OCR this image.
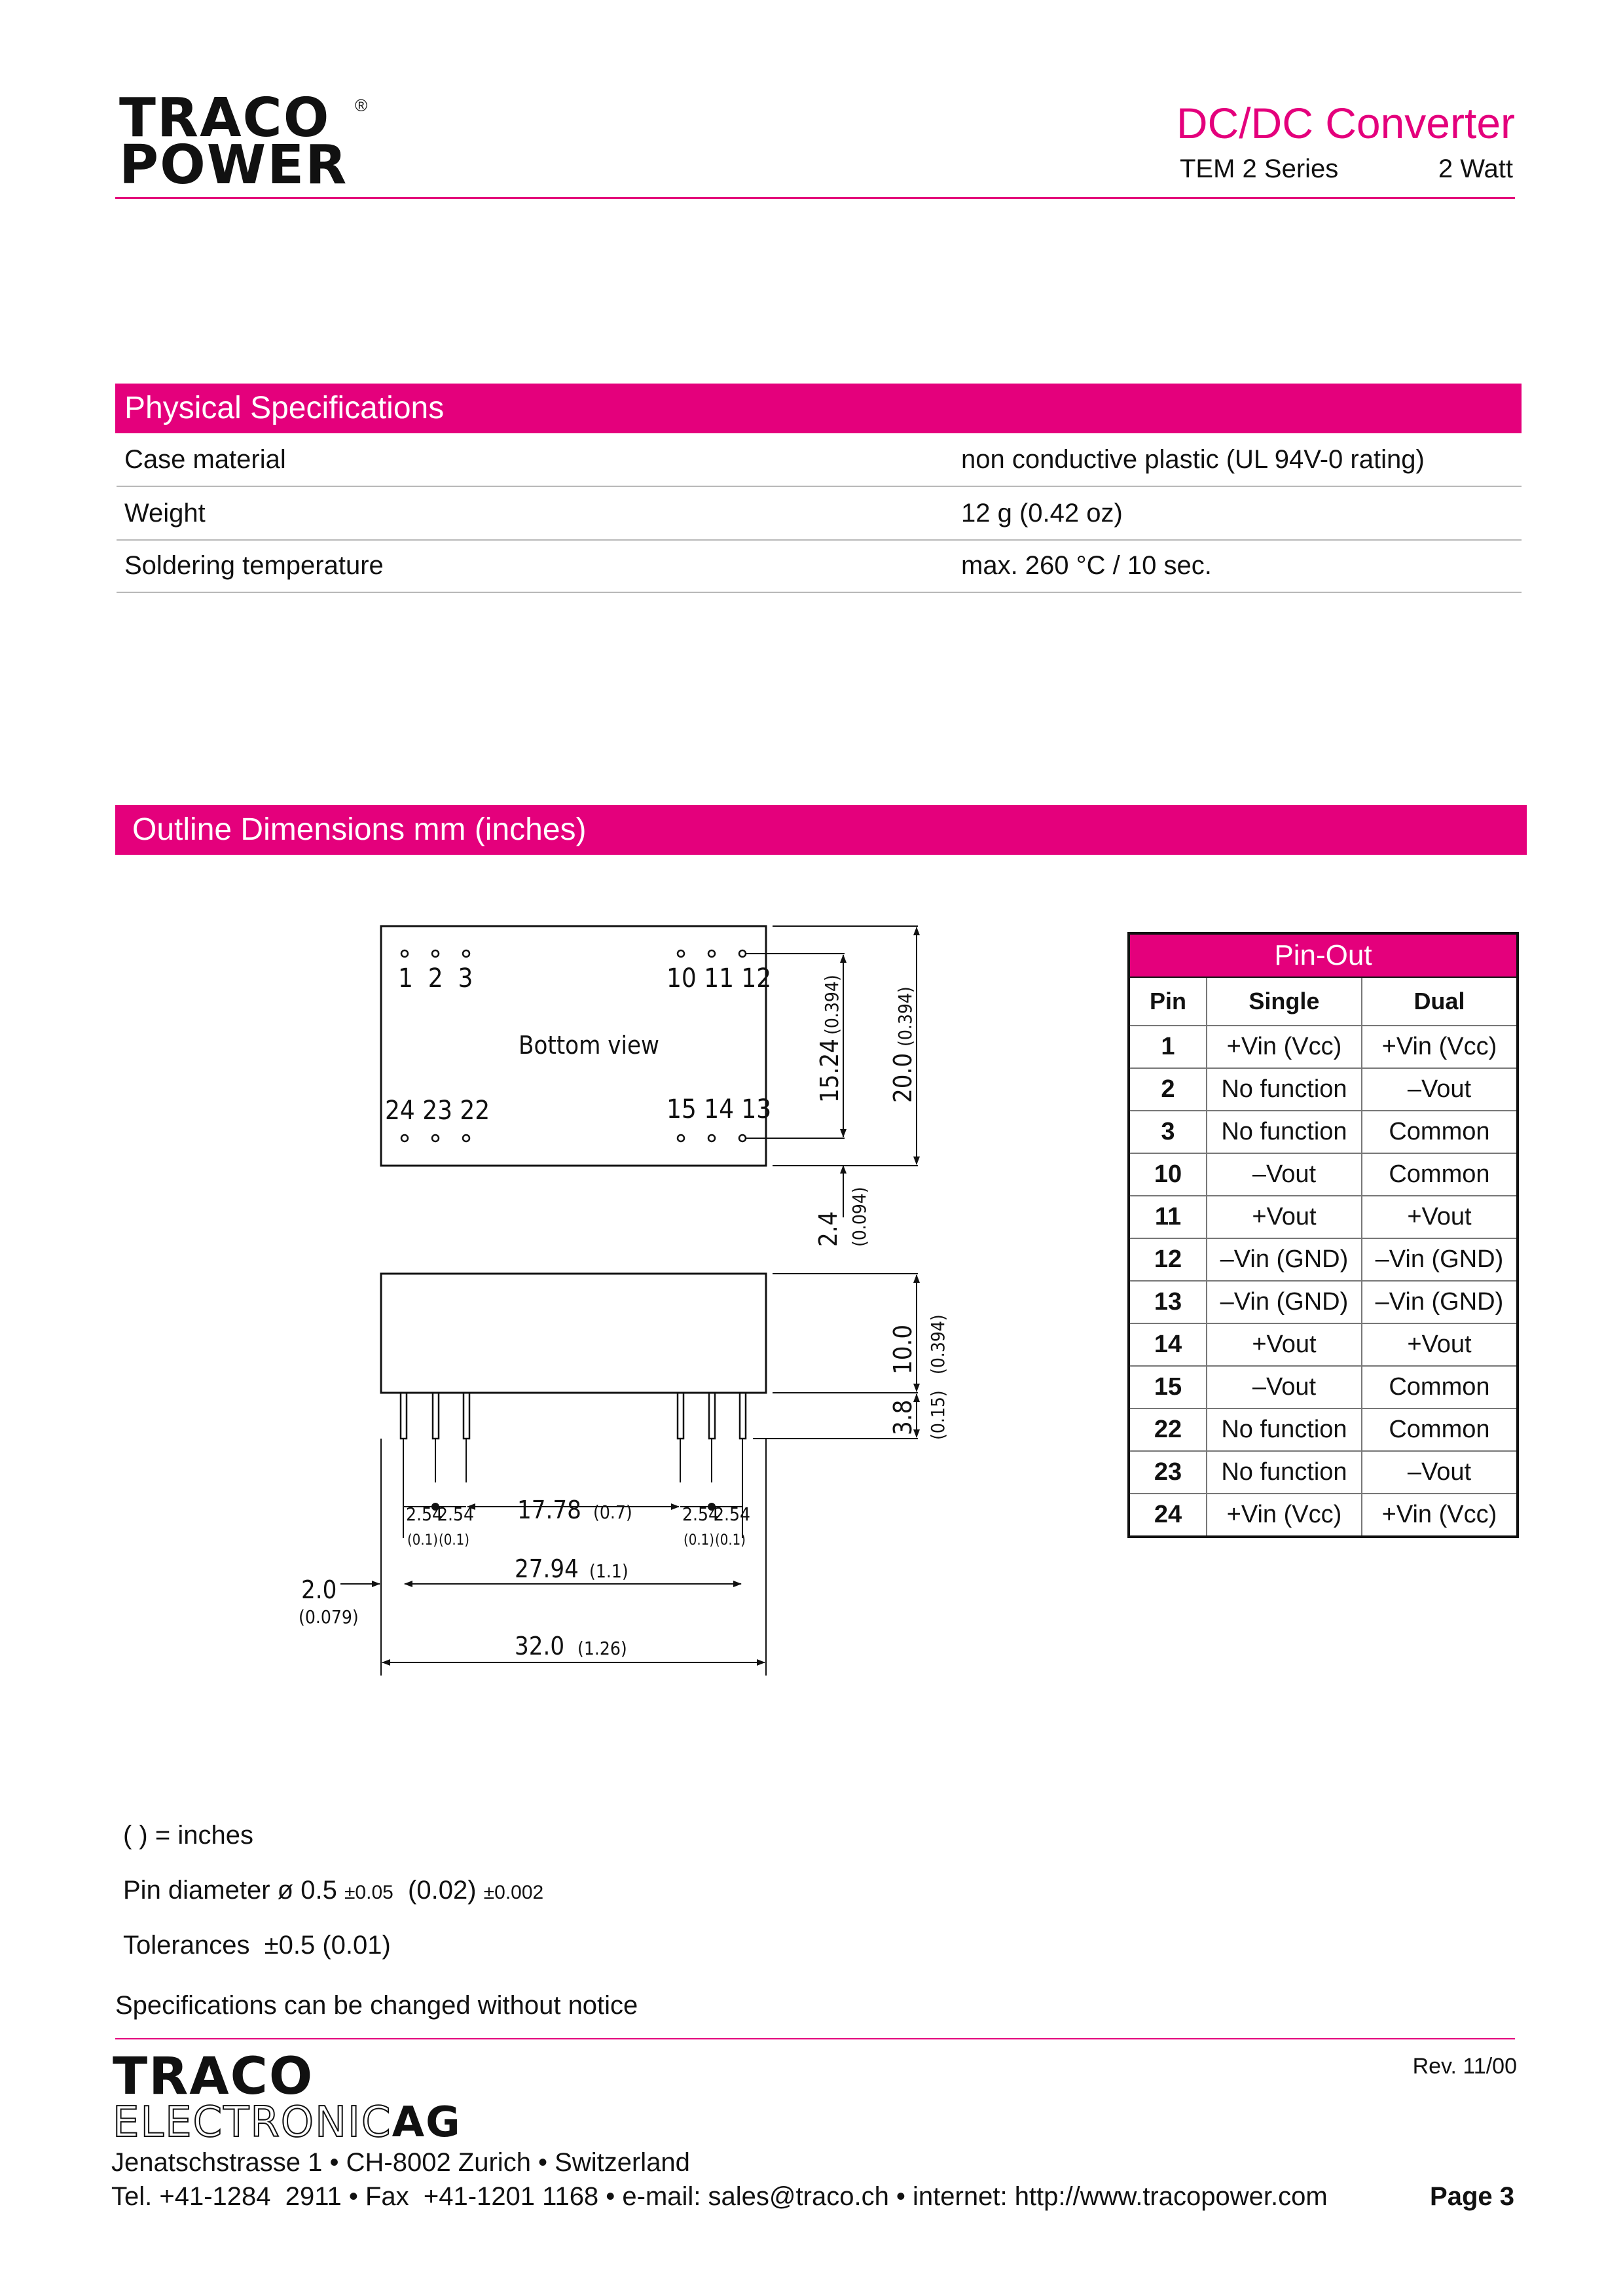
TRACO
POWER
®	DC/DC Converter
TEM 2 Series	2 Watt
Physical Specifications
Case material	non conductive plastic (UL 94V-0 rating)
Weight	12 g (0.42 oz)
Soldering temperature	max. 260 °C / 10 sec.
Outline Dimensions mm (inches)
1  2  3	10 11 12
Bottom view
24 23 22	15 14 13
15.24
(0.394)
20.0
(0.394)
2.4 (0.094)
10.0 (0.394)
3.8 (0.15)
2.54
2.54
(0.1) (0.1)
2.54
2.54
(0.1) (0.1)
17.78 (0.7)
2.0
(0.079)
27.94 (1.1)
32.0 (1.26)
Pin-Out		
Pin	Single	Dual
1	+Vin (Vcc)	+Vin (Vcc)
2	No function	–Vout
3	No function	Common
10	–Vout	Common
11	+Vout	+Vout
12	–Vin (GND)	–Vin (GND)
13	–Vin (GND)	–Vin (GND)
14	+Vout	+Vout
15	–Vout	Common
22	No function	Common
23	No function	–Vout
24	+Vin (Vcc)	+Vin (Vcc)
( ) = inches
Pin diameter ø 0.5 ±0.05 (0.02) ±0.002
Tolerances  ±0.5 (0.01)
Specifications can be changed without notice
TRACO
ELECTRONICAG
Rev. 11/00
Jenatschstrasse 1 • CH-8002 Zurich • Switzerland
Tel. +41-1284  2911 • Fax  +41-1201 1168 • e-mail: sales@traco.ch • internet: http://www.tracopower.com	Page 3
